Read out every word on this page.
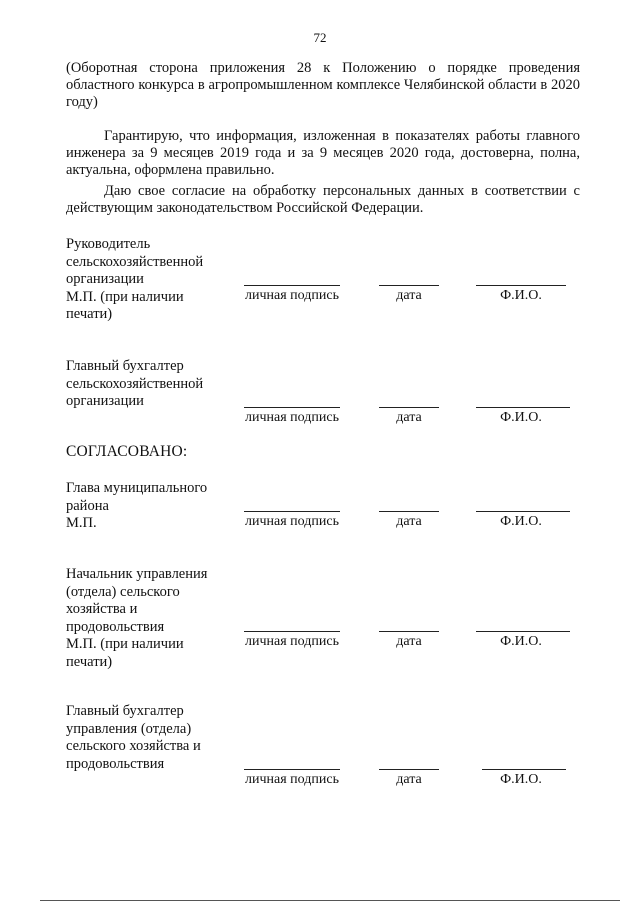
72
(Оборотная сторона приложения 28 к Положению о порядке проведения областного конкурса в агропромышленном комплексе Челябинской области в 2020 году)
Гарантирую, что информация, изложенная в показателях работы главного инженера за 9 месяцев 2019 года и за 9 месяцев 2020 года, достоверна, полна, актуальна, оформлена правильно.
Даю свое согласие на обработку персональных данных в соответствии с действующим законодательством Российской Федерации.
Руководитель
сельскохозяйственной
организации
М.П. (при наличии
печати)
личная подпись	дата	Ф.И.О.
Главный бухгалтер
сельскохозяйственной
организации
личная подпись	дата	Ф.И.О.
СОГЛАСОВАНО:
Глава муниципального
района
М.П.	личная подпись	дата	Ф.И.О.
Начальник управления
(отдела) сельского
хозяйства и
продовольствия
М.П. (при наличии
печати)
личная подпись	дата	Ф.И.О.
Главный бухгалтер
управления (отдела)
сельского хозяйства и
продовольствия
личная подпись	дата	Ф.И.О.
